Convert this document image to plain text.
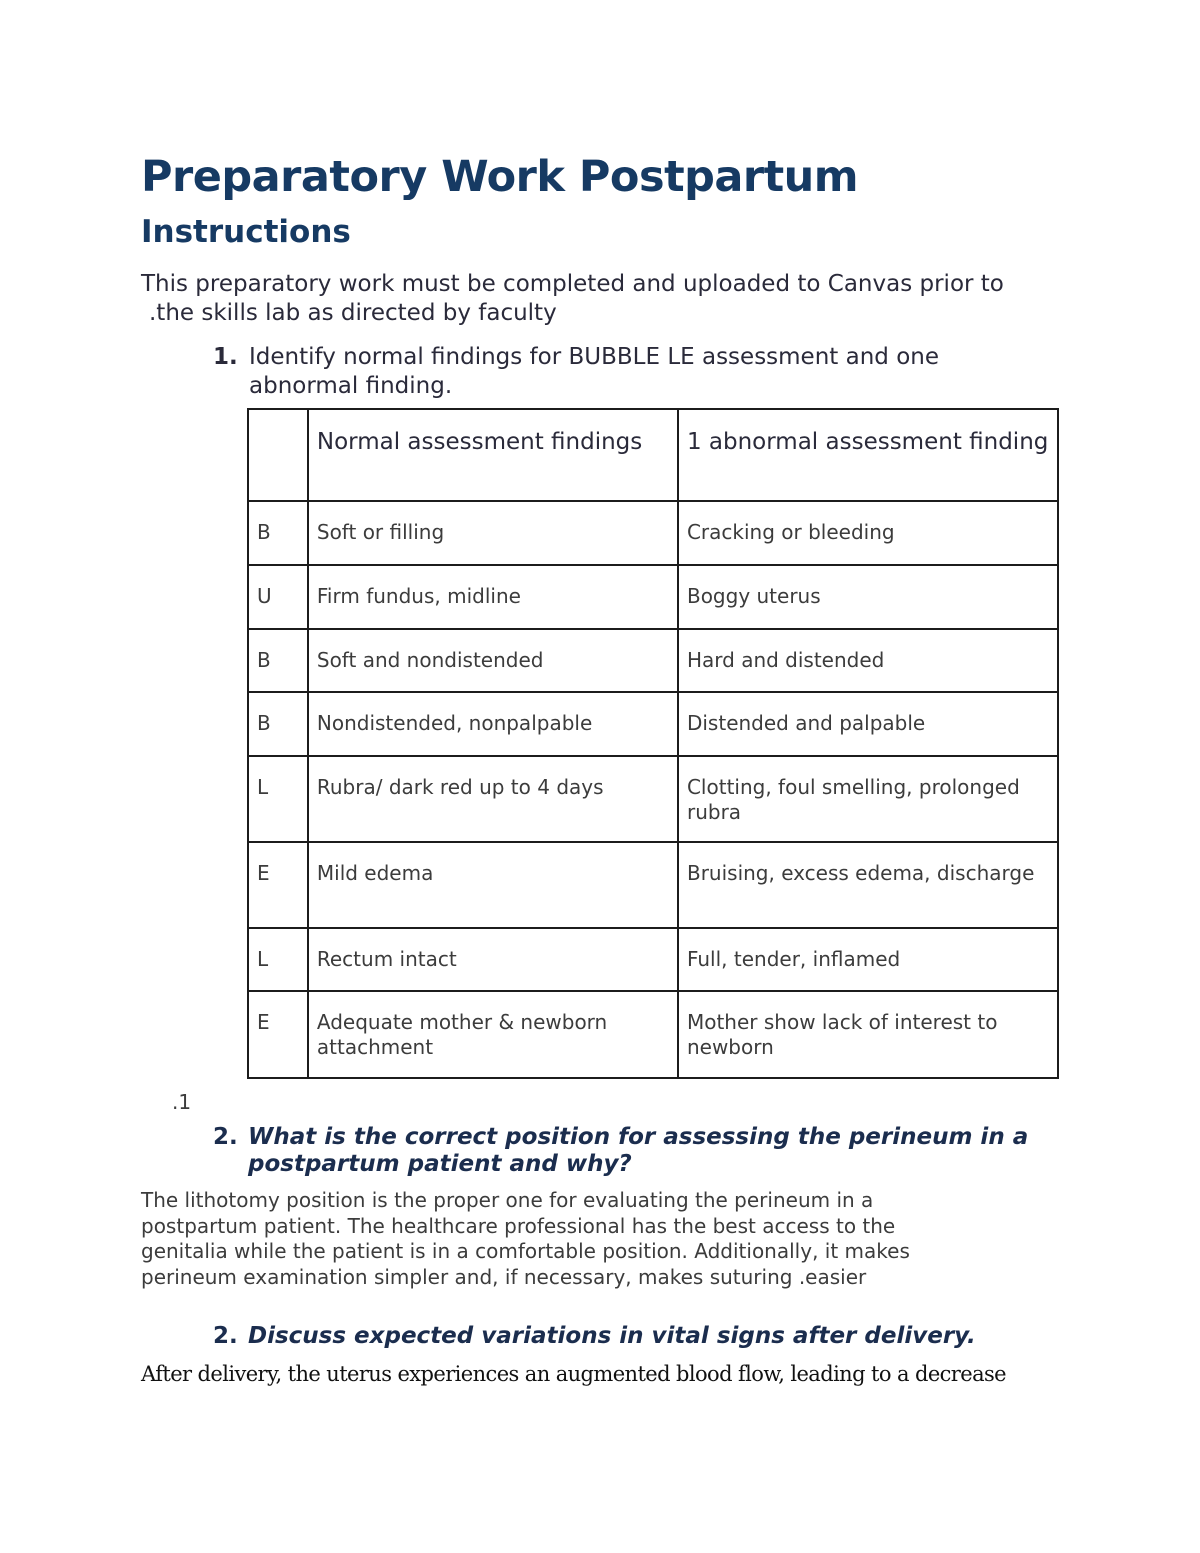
Preparatory Work Postpartum
Instructions
This preparatory work must be completed and uploaded to Canvas prior to
.the skills lab as directed by faculty
1. Identify normal findings for BUBBLE LE assessment and one
abnormal finding.
	Normal assessment findings	1 abnormal assessment finding
B	Soft or filling	Cracking or bleeding
U	Firm fundus, midline	Boggy uterus
B	Soft and nondistended	Hard and distended
B	Nondistended, nonpalpable	Distended and palpable
L	Rubra/ dark red up to 4 days	Clotting, foul smelling, prolonged rubra
E	Mild edema	Bruising, excess edema, discharge
L	Rectum intact	Full, tender, inflamed
E	Adequate mother & newborn attachment	Mother show lack of interest to newborn
.1
2. What is the correct position for assessing the perineum in a postpartum patient and why?
The lithotomy position is the proper one for evaluating the perineum in a postpartum patient. The healthcare professional has the best access to the genitalia while the patient is in a comfortable position. Additionally, it makes perineum examination simpler and, if necessary, makes suturing .easier
2. Discuss expected variations in vital signs after delivery.
After delivery, the uterus experiences an augmented blood flow, leading to a decrease
